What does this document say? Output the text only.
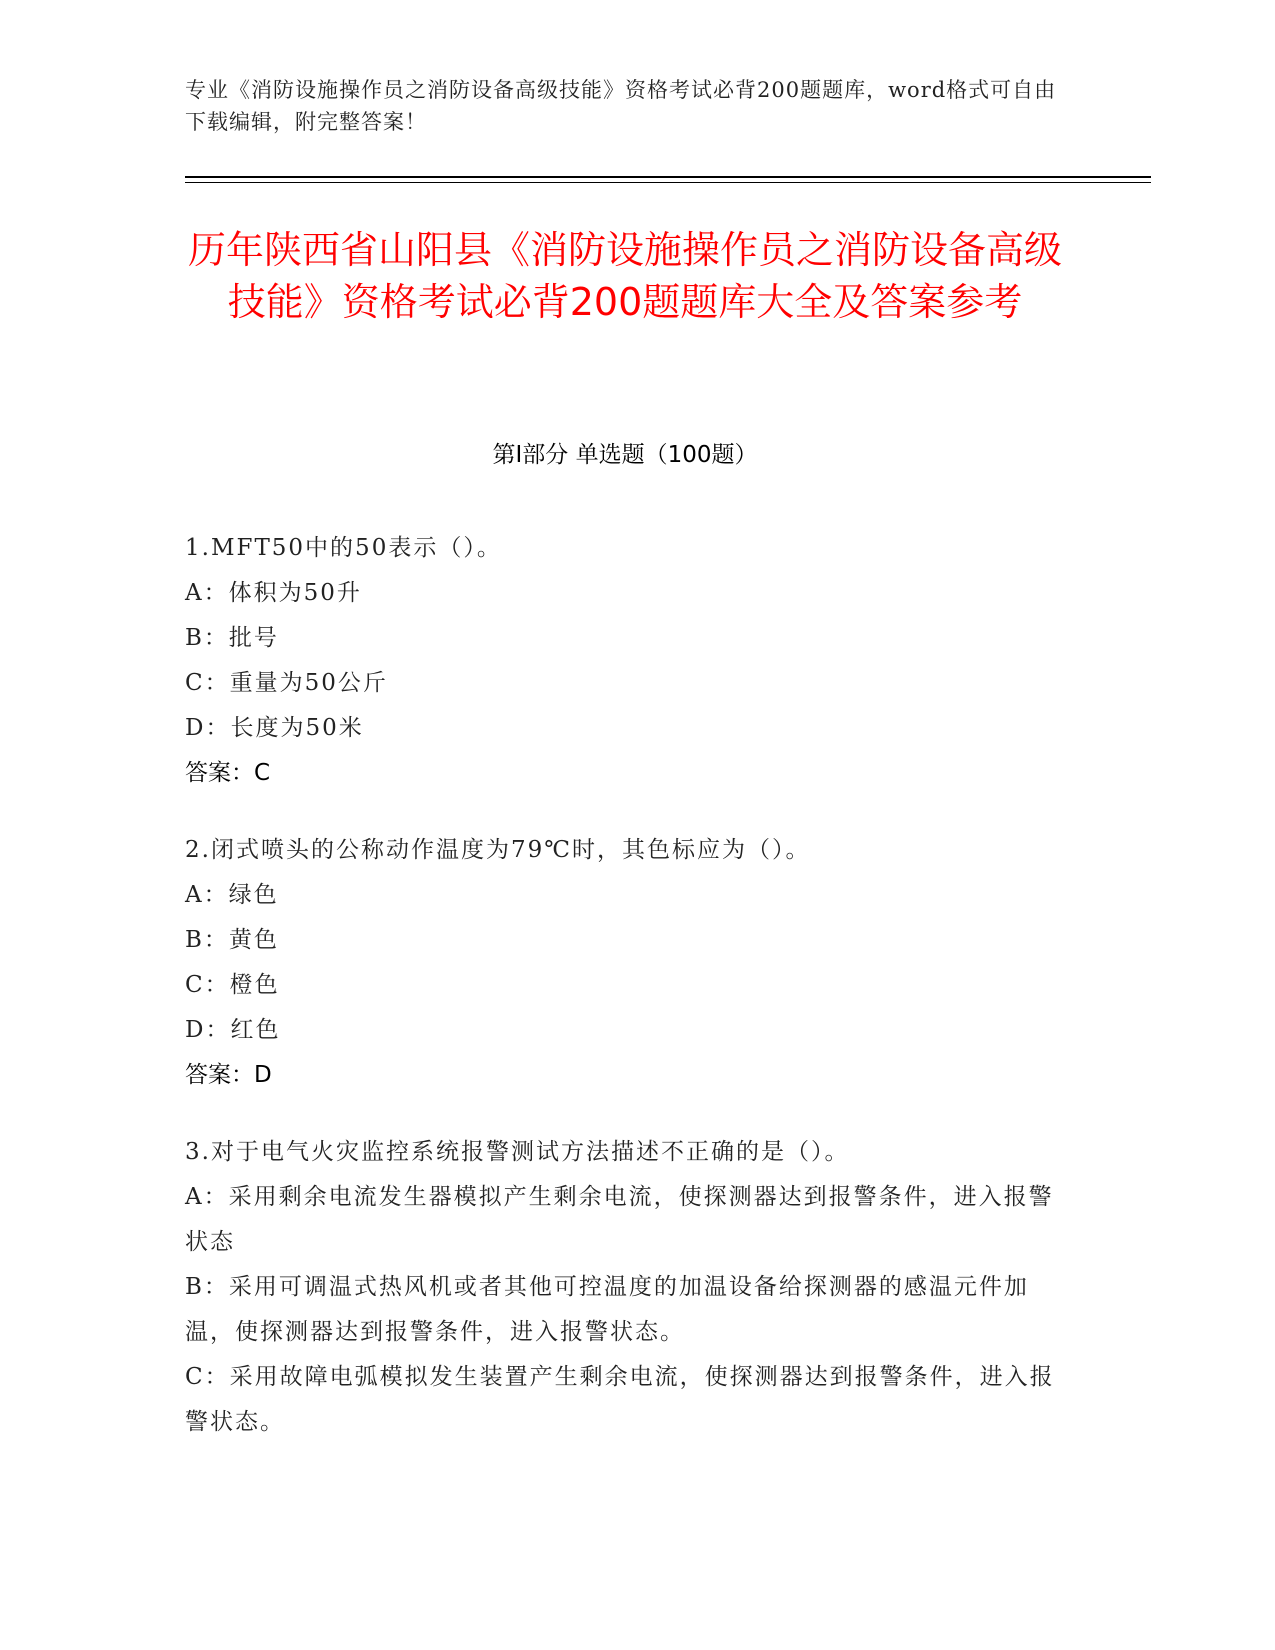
专业《消防设施操作员之消防设备高级技能》资格考试必背200题题库，word格式可自由下载编辑，附完整答案！
历年陕西省山阳县《消防设施操作员之消防设备高级技能》资格考试必背200题题库大全及答案参考
第Ⅰ部分 单选题（100题）

1.MFT50中的50表示（）。

A：体积为50升

B：批号

C：重量为50公斤

D：长度为50米

答案：C

2.闭式喷头的公称动作温度为79℃时，其色标应为（）。

A：绿色

B：黄色

C：橙色

D：红色

答案：D

3.对于电气火灾监控系统报警测试方法描述不正确的是（）。

A：采用剩余电流发生器模拟产生剩余电流，使探测器达到报警条件，进入报警状态

B：采用可调温式热风机或者其他可控温度的加温设备给探测器的感温元件加温，使探测器达到报警条件，进入报警状态。

C：采用故障电弧模拟发生装置产生剩余电流，使探测器达到报警条件，进入报警状态。
